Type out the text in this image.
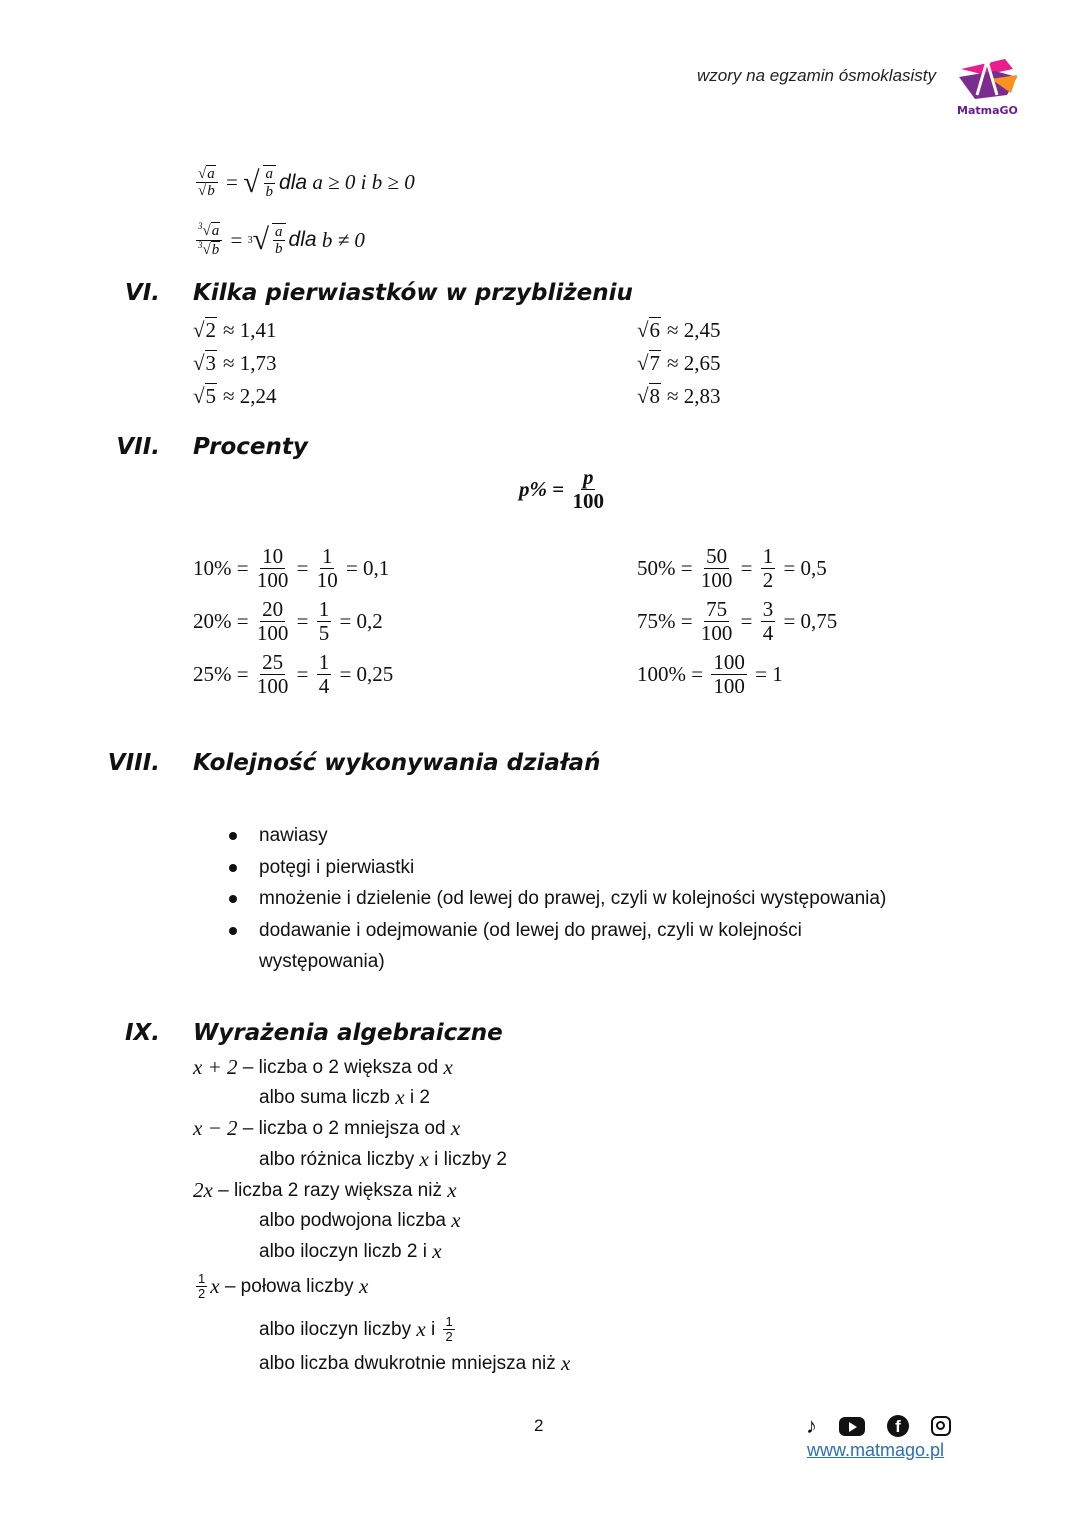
wzory na egzamin ósmoklasisty
MatmaGO
$\frac{√a}{√b}$ = √ $\frac{a}{b}$ dla
a ≥ 0 i b ≥ 0
$\frac{^3√a}{^3√b} = 3$ √ $\frac{a}{b}$ dla
b ≠ 0
VI. Kilka pierwiastków w przybliżeniu
√ 2 ≈ 1,41
√ 3 ≈ 1,73
√ 5 ≈ 2,24
√ 6 ≈ 2,45
√ 7 ≈ 2,65
√ 8 ≈ 2,83
VII. Procenty
$p\% = \frac{p}{100}$
$10\% = \frac{10}{100} = \frac{1}{10} = 0,1$
$20\% = \frac{20}{100} = \frac{1}{5} = 0,2$
$25\% = \frac{25}{100} = \frac{1}{4} = 0,25$
$50\% = \frac{50}{100} = \frac{1}{2} = 0,5$
$75\% = \frac{75}{100} = \frac{3}{4} = 0,75$
$100\% = \frac{100}{100} = 1$
VIII. Kolejność wykonywania działań
nawiasy
potęgi i pierwiastki
mnożenie i dzielenie (od lewej do prawej, czyli w kolejności występowania)
dodawanie i odejmowanie (od lewej do prawej, czyli w kolejności występowania)
IX. Wyrażenia algebraiczne
x + 2 – liczba o 2 większa od x
albo suma liczb x i 2
x − 2 – liczba o 2 mniejsza od x
albo różnica liczby x i liczby 2
2x – liczba 2 razy większa niż x
albo podwojona liczba x
albo iloczyn liczb 2 i x
$\frac{1}{2}$ x – połowa liczby x
albo iloczyn liczby x i $\frac{1}{2}$
albo liczba dwukrotnie mniejsza niż x
2	♪	f
www.matmago.pl
